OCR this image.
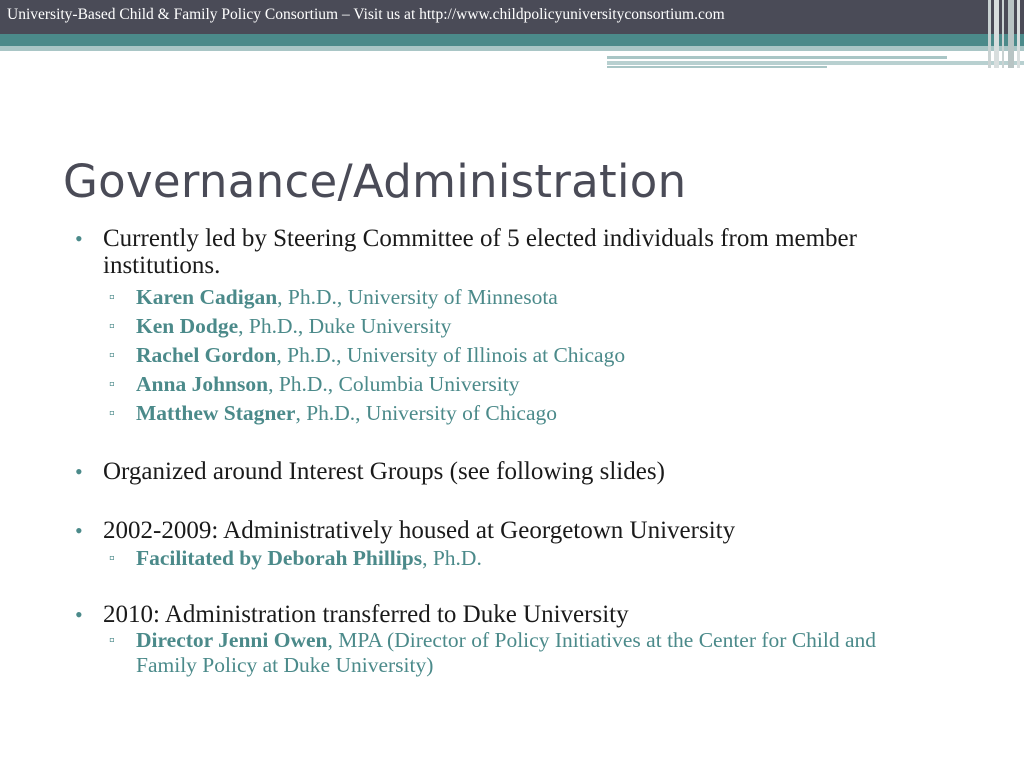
University-Based Child & Family Policy Consortium – Visit us at http://www.childpolicyuniversityconsortium.com
Governance/Administration
• Currently led by Steering Committee of 5 elected individuals from member institutions.
▫ Karen Cadigan, Ph.D., University of Minnesota
▫ Ken Dodge, Ph.D., Duke University
▫ Rachel Gordon, Ph.D., University of Illinois at Chicago
▫ Anna Johnson, Ph.D., Columbia University
▫ Matthew Stagner, Ph.D., University of Chicago
• Organized around Interest Groups (see following slides)
• 2002-2009: Administratively housed at Georgetown University
▫ Facilitated by Deborah Phillips, Ph.D.
• 2010: Administration transferred to Duke University
▫ Director Jenni Owen, MPA (Director of Policy Initiatives at the Center for Child and Family Policy at Duke University)
